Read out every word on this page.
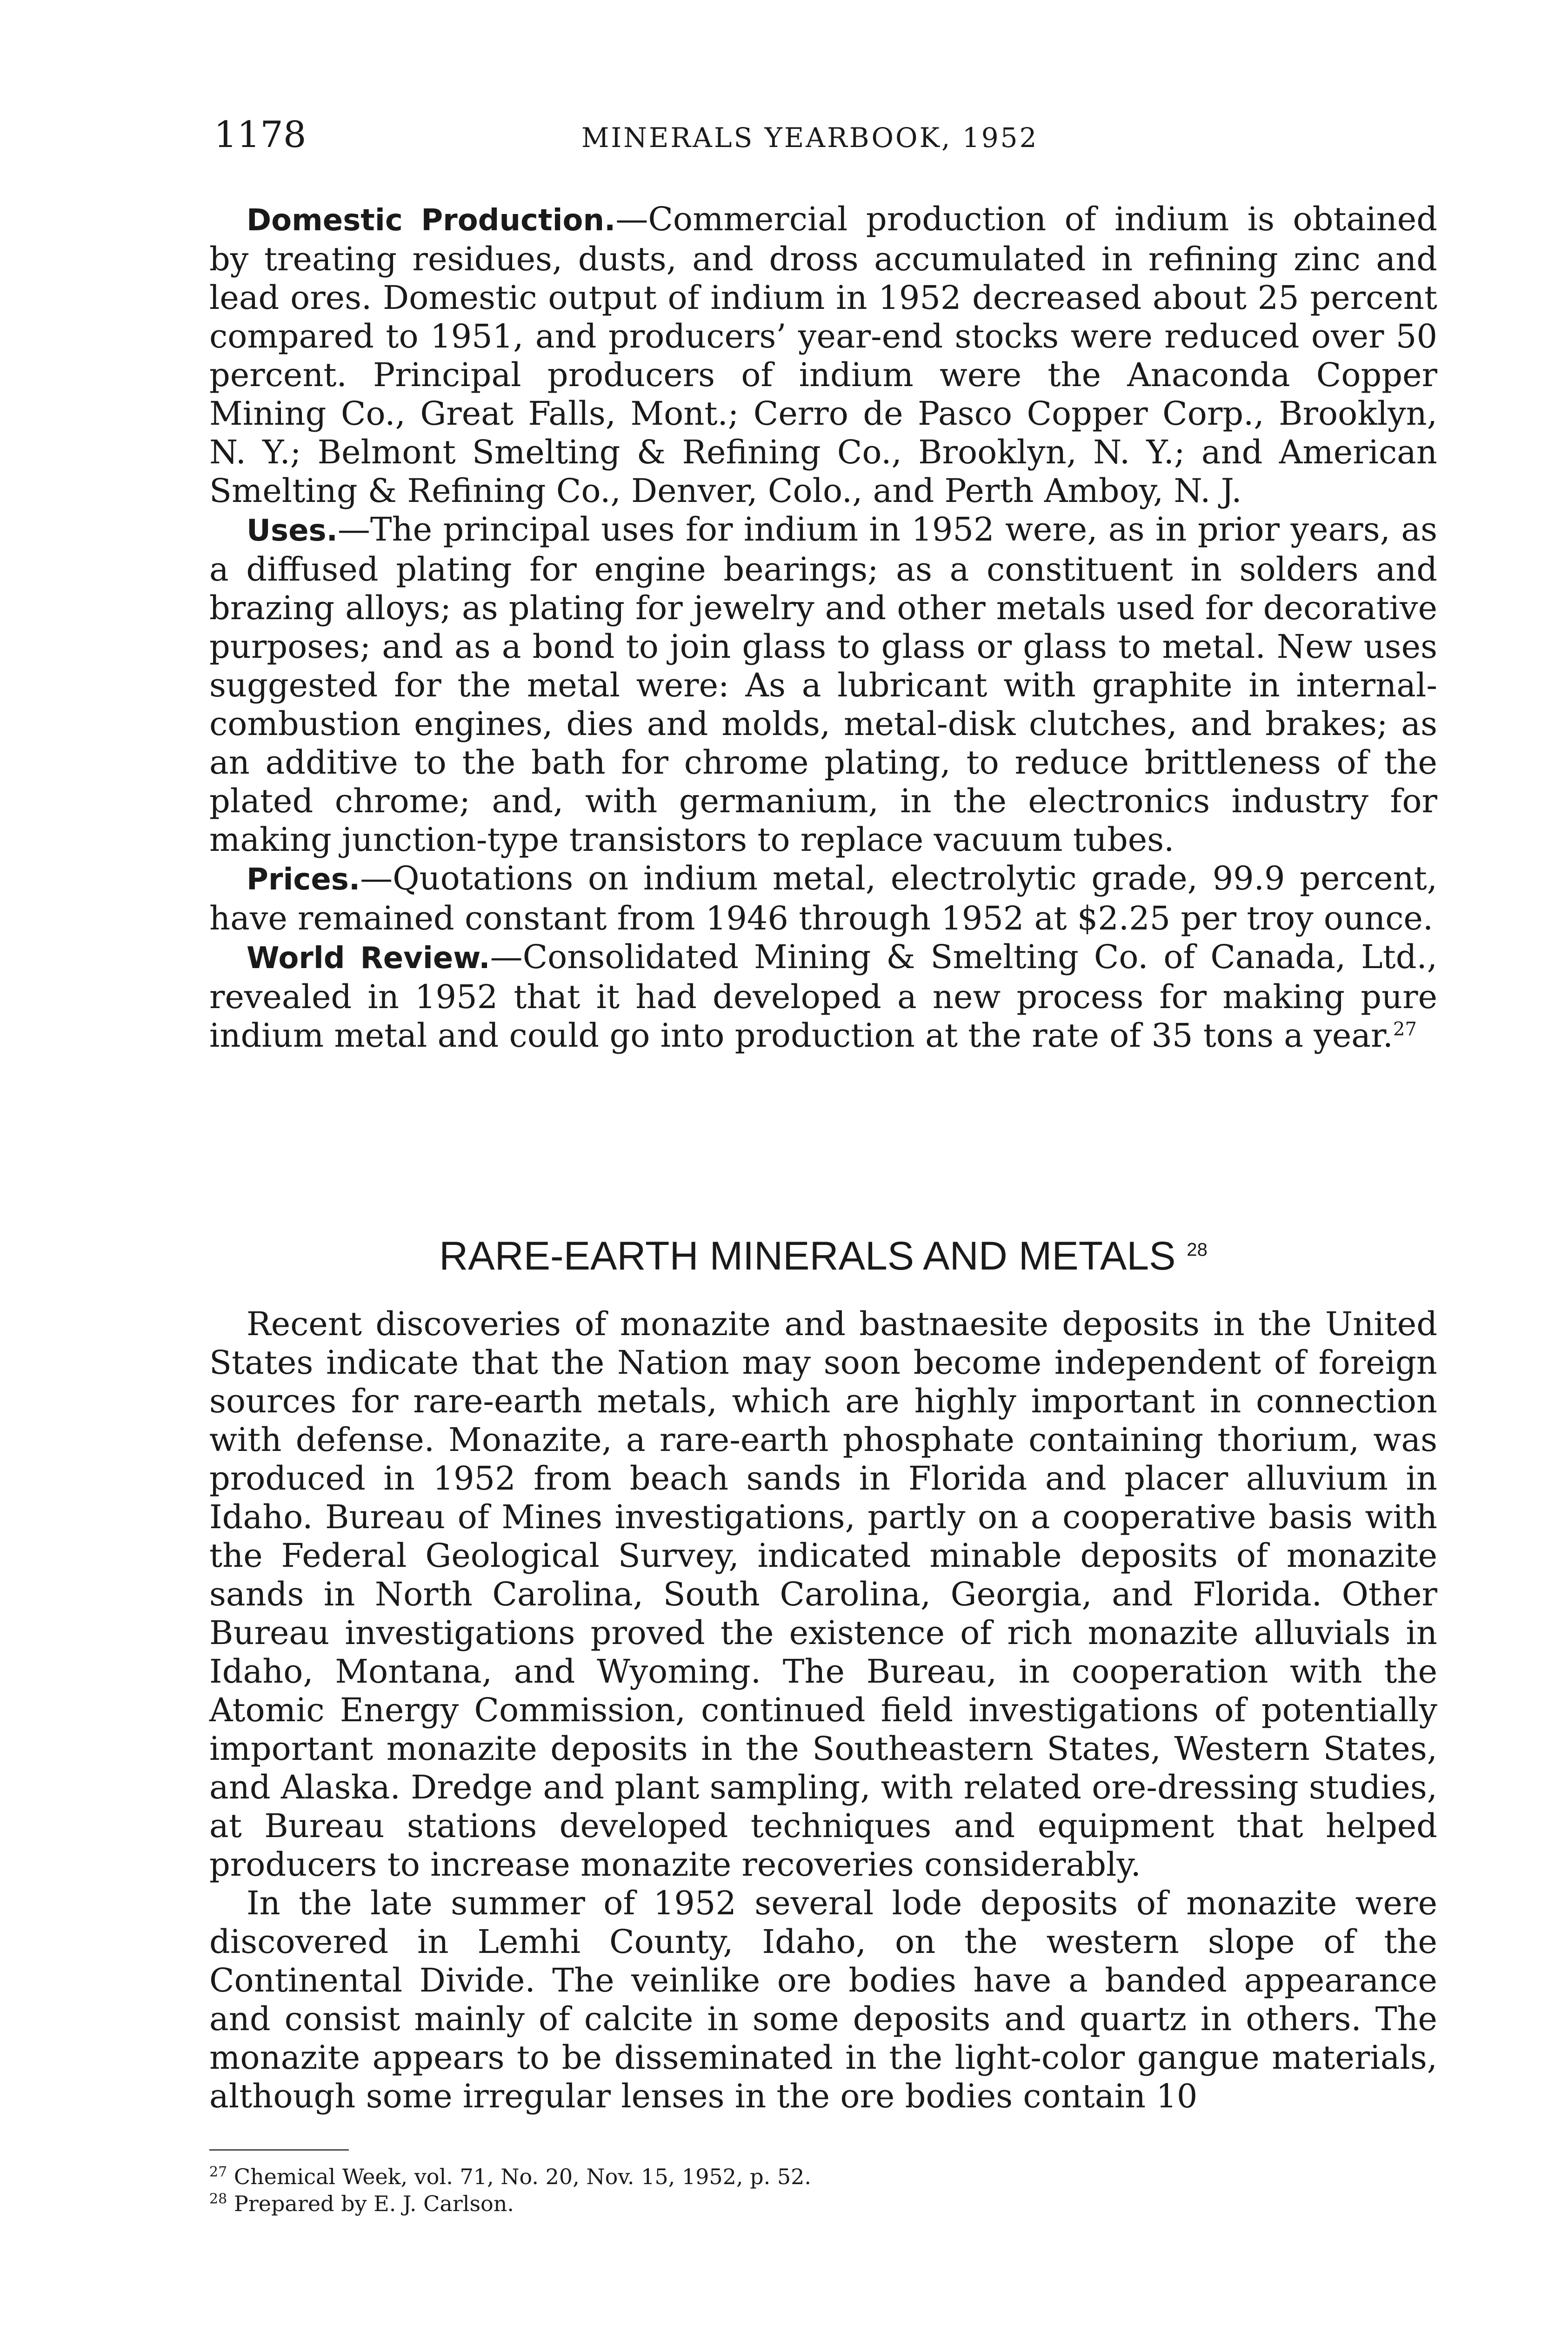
1178	MINERALS YEARBOOK, 1952

Domestic Production.—Commercial production of indium is obtained by treating residues, dusts, and dross accumulated in refining zinc and lead ores. Domestic output of indium in 1952 decreased about 25 percent compared to 1951, and producers’ year-end stocks were reduced over 50 percent. Principal producers of indium were the Anaconda Copper Mining Co., Great Falls, Mont.; Cerro de Pasco Copper Corp., Brooklyn, N. Y.; Belmont Smelting & Refining Co., Brooklyn, N. Y.; and American Smelting & Refining Co., Denver, Colo., and Perth Amboy, N. J.

Uses.—The principal uses for indium in 1952 were, as in prior years, as a diffused plating for engine bearings; as a constituent in solders and brazing alloys; as plating for jewelry and other metals used for decorative purposes; and as a bond to join glass to glass or glass to metal. New uses suggested for the metal were: As a lubricant with graphite in internal-combustion engines, dies and molds, metal-disk clutches, and brakes; as an additive to the bath for chrome plating, to reduce brittleness of the plated chrome; and, with germanium, in the electronics industry for making junction-type transistors to replace vacuum tubes.

Prices.—Quotations on indium metal, electrolytic grade, 99.9 percent, have remained constant from 1946 through 1952 at $2.25 per troy ounce.

World Review.—Consolidated Mining & Smelting Co. of Canada, Ltd., revealed in 1952 that it had developed a new process for making pure indium metal and could go into production at the rate of 35 tons a year.$^{27}$

RARE-EARTH MINERALS AND METALS $^{28}$

Recent discoveries of monazite and bastnaesite deposits in the United States indicate that the Nation may soon become independent of foreign sources for rare-earth metals, which are highly important in connection with defense. Monazite, a rare-earth phosphate containing thorium, was produced in 1952 from beach sands in Florida and placer alluvium in Idaho. Bureau of Mines investigations, partly on a cooperative basis with the Federal Geological Survey, indicated minable deposits of monazite sands in North Carolina, South Carolina, Georgia, and Florida. Other Bureau investigations proved the existence of rich monazite alluvials in Idaho, Montana, and Wyoming. The Bureau, in cooperation with the Atomic Energy Commission, continued field investigations of potentially important monazite deposits in the Southeastern States, Western States, and Alaska. Dredge and plant sampling, with related ore-dressing studies, at Bureau stations developed techniques and equipment that helped producers to increase monazite recoveries considerably.

In the late summer of 1952 several lode deposits of monazite were discovered in Lemhi County, Idaho, on the western slope of the Continental Divide. The veinlike ore bodies have a banded appearance and consist mainly of calcite in some deposits and quartz in others. The monazite appears to be disseminated in the light-color gangue materials, although some irregular lenses in the ore bodies contain 10

$^{27}$ Chemical Week, vol. 71, No. 20, Nov. 15, 1952, p. 52.
$^{28}$ Prepared by E. J. Carlson.
